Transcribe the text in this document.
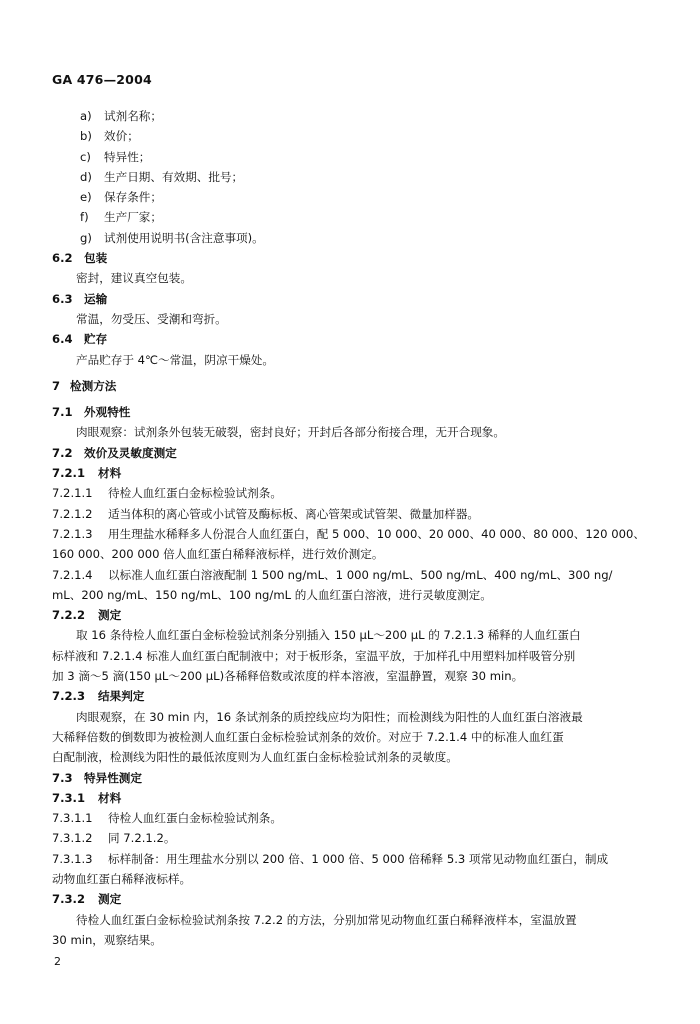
GA 476—2004
a) 试剂名称；
b) 效价；
c) 特异性；
d) 生产日期、有效期、批号；
e) 保存条件；
f) 生产厂家；
g) 试剂使用说明书(含注意事项)。
6.2 包装
密封，建议真空包装。
6.3 运输
常温，勿受压、受潮和弯折。
6.4 贮存
产品贮存于 4℃～常温，阴凉干燥处。
7 检测方法
7.1 外观特性
肉眼观察：试剂条外包装无破裂，密封良好；开封后各部分衔接合理，无开合现象。
7.2 效价及灵敏度测定
7.2.1 材料
7.2.1.1 待检人血红蛋白金标检验试剂条。
7.2.1.2 适当体积的离心管或小试管及酶标板、离心管架或试管架、微量加样器。
7.2.1.3 用生理盐水稀释多人份混合人血红蛋白，配 5 000、10 000、20 000、40 000、80 000、120 000、
160 000、200 000 倍人血红蛋白稀释液标样，进行效价测定。
7.2.1.4 以标准人血红蛋白溶液配制 1 500 ng/mL、1 000 ng/mL、500 ng/mL、400 ng/mL、300 ng/
mL、200 ng/mL、150 ng/mL、100 ng/mL 的人血红蛋白溶液，进行灵敏度测定。
7.2.2 测定
取 16 条待检人血红蛋白金标检验试剂条分别插入 150 μL～200 μL 的 7.2.1.3 稀释的人血红蛋白
标样液和 7.2.1.4 标准人血红蛋白配制液中；对于板形条，室温平放，于加样孔中用塑料加样吸管分别
加 3 滴～5 滴(150 μL～200 μL)各稀释倍数或浓度的样本溶液，室温静置，观察 30 min。
7.2.3 结果判定
肉眼观察，在 30 min 内，16 条试剂条的质控线应均为阳性；而检测线为阳性的人血红蛋白溶液最
大稀释倍数的倒数即为被检测人血红蛋白金标检验试剂条的效价。对应于 7.2.1.4 中的标准人血红蛋
白配制液，检测线为阳性的最低浓度则为人血红蛋白金标检验试剂条的灵敏度。
7.3 特异性测定
7.3.1 材料
7.3.1.1 待检人血红蛋白金标检验试剂条。
7.3.1.2 同 7.2.1.2。
7.3.1.3 标样制备：用生理盐水分别以 200 倍、1 000 倍、5 000 倍稀释 5.3 项常见动物血红蛋白，制成
动物血红蛋白稀释液标样。
7.3.2 测定
待检人血红蛋白金标检验试剂条按 7.2.2 的方法，分别加常见动物血红蛋白稀释液样本，室温放置
30 min，观察结果。
2
